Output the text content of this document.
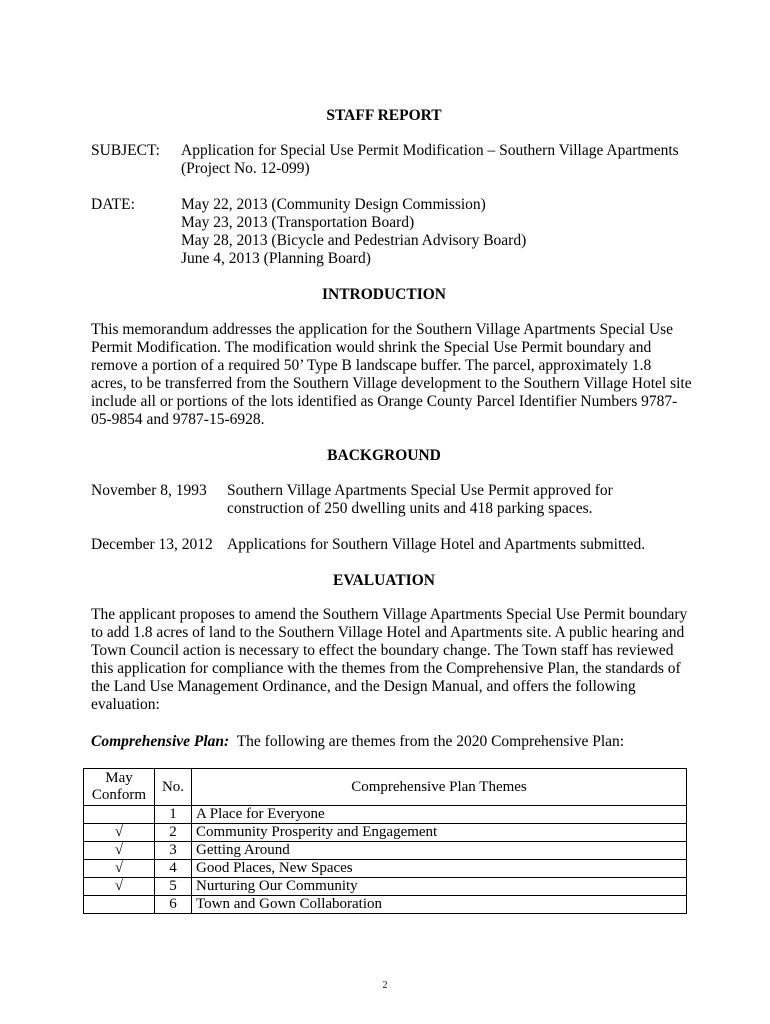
STAFF REPORT
SUBJECT: Application for Special Use Permit Modification – Southern Village Apartments
(Project No. 12-099)
DATE:	May 22, 2013 (Community Design Commission)
May 23, 2013 (Transportation Board)
May 28, 2013 (Bicycle and Pedestrian Advisory Board)
June 4, 2013 (Planning Board)
INTRODUCTION
This memorandum addresses the application for the Southern Village Apartments Special Use
Permit Modification. The modification would shrink the Special Use Permit boundary and
remove a portion of a required 50’ Type B landscape buffer. The parcel, approximately 1.8
acres, to be transferred from the Southern Village development to the Southern Village Hotel site
include all or portions of the lots identified as Orange County Parcel Identifier Numbers 9787-
05-9854 and 9787-15-6928.
BACKGROUND
November 8, 1993 Southern Village Apartments Special Use Permit approved for
construction of 250 dwelling units and 418 parking spaces.
December 13, 2012 Applications for Southern Village Hotel and Apartments submitted.
EVALUATION
The applicant proposes to amend the Southern Village Apartments Special Use Permit boundary
to add 1.8 acres of land to the Southern Village Hotel and Apartments site. A public hearing and
Town Council action is necessary to effect the boundary change. The Town staff has reviewed
this application for compliance with the themes from the Comprehensive Plan, the standards of
the Land Use Management Ordinance, and the Design Manual, and offers the following
evaluation:
Comprehensive Plan:  The following are themes from the 2020 Comprehensive Plan:
May Conform	No.	Comprehensive Plan Themes
	1	A Place for Everyone
√	2	Community Prosperity and Engagement
√	3	Getting Around
√	4	Good Places, New Spaces
√	5	Nurturing Our Community
	6	Town and Gown Collaboration
2
